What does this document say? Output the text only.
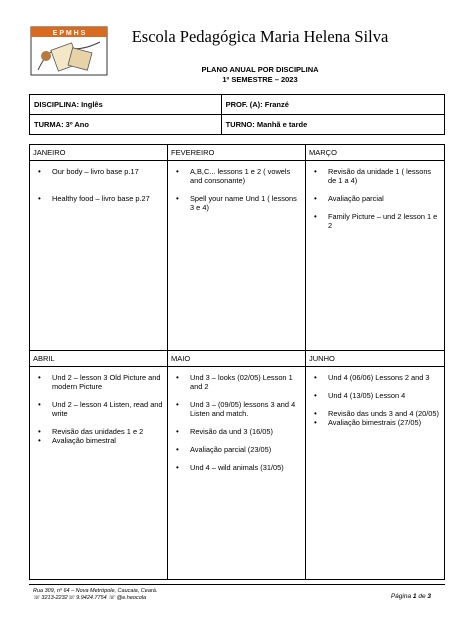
E P M H S	Escola Pedagógica Maria Helena Silva
PLANO ANUAL POR DISCIPLINA
1º SEMESTRE – 2023
DISCIPLINA: Inglês	PROF. (A): Franzé
TURMA: 3º Ano	TURNO: Manhã e tarde
JANEIRO
• Our body – livro base p.17
• Healthy food – livro base p.27
FEVEREIRO
• A,B,C... lessons 1 e 2 ( vowels and consonante)
• Spell your name Und 1 ( lessons 3 e 4)
MARÇO
• Revisão da unidade 1 ( lessons de 1 a 4)
• Avaliação parcial
• Family Picture – und 2 lesson 1 e 2
ABRIL
• Und 2 – lesson 3 Old Picture and modern Picture
• Und 2 – lesson 4 Listen, read and write
• Revisão das unidades 1 e 2
• Avaliação bimestral
MAIO
• Und 3 – looks (02/05) Lesson 1 and 2
• Und 3 – (09/05) lessons 3 and 4 Listen and match.
• Revisão da und 3 (16/05)
• Avaliação parcial (23/05)
• Und 4 – wild animals (31/05)
JUNHO
• Und 4 (06/06) Lessons 2 and 3
• Und 4 (13/05) Lesson 4
• Revisão das unds 3 and 4 (20/05)
• Avaliação bimestrais (27/05)
Rua 309, nº 64 – Nova Metrópole, Caucaia, Ceará.
☏ 3213-2232☏ 9.9424.7754 ☏ @e.heocola	Página 1 de 3
